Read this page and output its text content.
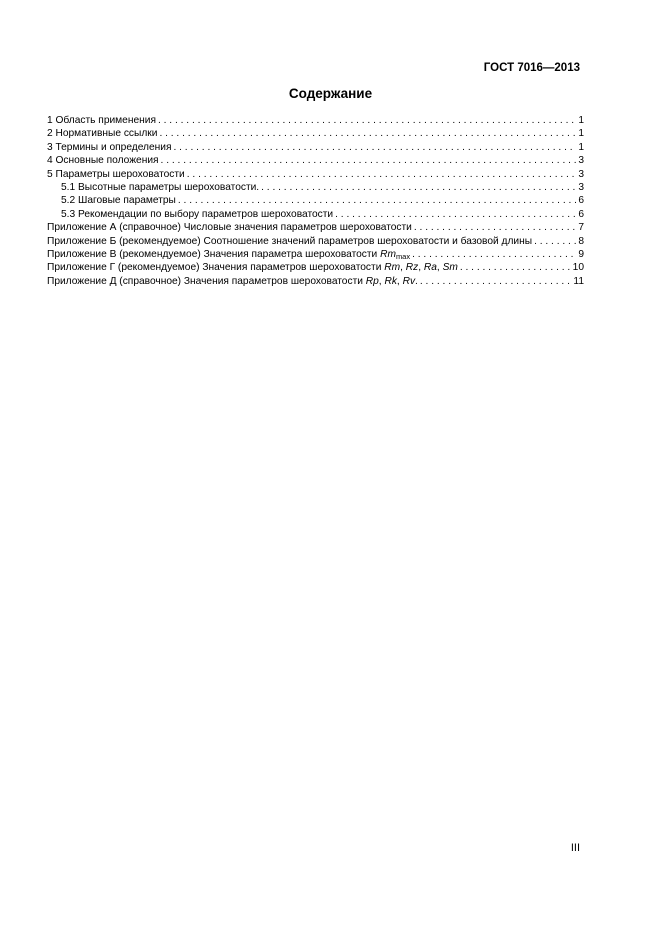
ГОСТ 7016—2013
Содержание
1 Область применения . . .	1
2 Нормативные ссылки . . .	1
3 Термины и определения . . .	1
4 Основные положения . . .	3
5 Параметры шероховатости . . .	3
5.1 Высотные параметры шероховатости. . . .	3
5.2 Шаговые параметры . . .	6
5.3 Рекомендации по выбору параметров шероховатости . . .	6
Приложение А (справочное) Числовые значения параметров шероховатости . . .	7
Приложение Б (рекомендуемое) Соотношение значений параметров шероховатости и базовой длины . . .	8
Приложение В (рекомендуемое) Значения параметра шероховатости $Rm_{max}$ . . .	9
Приложение Г (рекомендуемое) Значения параметров шероховатости Rm, Rz, Ra, Sm . . .	10
Приложение Д (справочное) Значения параметров шероховатости Rp, Rk, Rv. . . .	11
III
